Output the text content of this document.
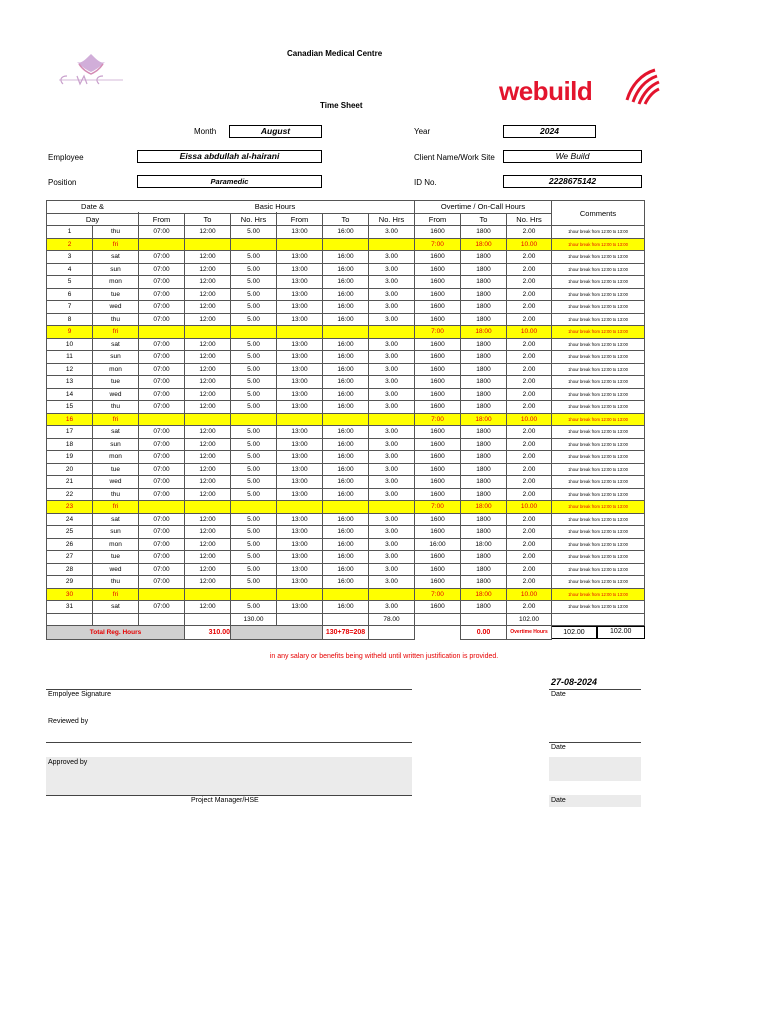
Canadian Medical Centre
webuild
Time Sheet
Month	August	Year	2024
Employee	Eissa abdullah al-hairani	Client Name/Work Site	We Build
Position	Paramedic	ID No.	2228675142
Date &								Overtime / On-Call Hours			Comments
Day		From	To	No. Hrs	From	To	No. Hrs	From	To	No. Hrs	
1	thu	07:00	12:00	5.00	13:00	16:00	3.00	1600	1800	2.00	1hour break from 12:00 to 13:00
2	fri							7:00	18:00	10.00	1hour break from 12:00 to 13:00
3	sat	07:00	12:00	5.00	13:00	16:00	3.00	1600	1800	2.00	1hour break from 12:00 to 13:00
4	sun	07:00	12:00	5.00	13:00	16:00	3.00	1600	1800	2.00	1hour break from 12:00 to 13:00
5	mon	07:00	12:00	5.00	13:00	16:00	3.00	1600	1800	2.00	1hour break from 12:00 to 13:00
6	tue	07:00	12:00	5.00	13:00	16:00	3.00	1600	1800	2.00	1hour break from 12:00 to 13:00
7	wed	07:00	12:00	5.00	13:00	16:00	3.00	1600	1800	2.00	1hour break from 12:00 to 13:00
8	thu	07:00	12:00	5.00	13:00	16:00	3.00	1600	1800	2.00	1hour break from 12:00 to 13:00
9	fri							7:00	18:00	10.00	1hour break from 12:00 to 13:00
10	sat	07:00	12:00	5.00	13:00	16:00	3.00	1600	1800	2.00	1hour break from 12:00 to 13:00
11	sun	07:00	12:00	5.00	13:00	16:00	3.00	1600	1800	2.00	1hour break from 12:00 to 13:00
12	mon	07:00	12:00	5.00	13:00	16:00	3.00	1600	1800	2.00	1hour break from 12:00 to 13:00
13	tue	07:00	12:00	5.00	13:00	16:00	3.00	1600	1800	2.00	1hour break from 12:00 to 13:00
14	wed	07:00	12:00	5.00	13:00	16:00	3.00	1600	1800	2.00	1hour break from 12:00 to 13:00
15	thu	07:00	12:00	5.00	13:00	16:00	3.00	1600	1800	2.00	1hour break from 12:00 to 13:00
16	fri							7:00	18:00	10.00	1hour break from 12:00 to 13:00
17	sat	07:00	12:00	5.00	13:00	16:00	3.00	1600	1800	2.00	1hour break from 12:00 to 13:00
18	sun	07:00	12:00	5.00	13:00	16:00	3.00	1600	1800	2.00	1hour break from 12:00 to 13:00
19	mon	07:00	12:00	5.00	13:00	16:00	3.00	1600	1800	2.00	1hour break from 12:00 to 13:00
20	tue	07:00	12:00	5.00	13:00	16:00	3.00	1600	1800	2.00	1hour break from 12:00 to 13:00
21	wed	07:00	12:00	5.00	13:00	16:00	3.00	1600	1800	2.00	1hour break from 12:00 to 13:00
22	thu	07:00	12:00	5.00	13:00	16:00	3.00	1600	1800	2.00	1hour break from 12:00 to 13:00
23	fri							7:00	18:00	10.00	1hour break from 12:00 to 13:00
24	sat	07:00	12:00	5.00	13:00	16:00	3.00	1600	1800	2.00	1hour break from 12:00 to 13:00
25	sun	07:00	12:00	5.00	13:00	16:00	3.00	1600	1800	2.00	1hour break from 12:00 to 13:00
26	mon	07:00	12:00	5.00	13:00	16:00	3.00	16:00	18:00	2.00	1hour break from 12:00 to 13:00
27	tue	07:00	12:00	5.00	13:00	16:00	3.00	1600	1800	2.00	1hour break from 12:00 to 13:00
28	wed	07:00	12:00	5.00	13:00	16:00	3.00	1600	1800	2.00	1hour break from 12:00 to 13:00
29	thu	07:00	12:00	5.00	13:00	16:00	3.00	1600	1800	2.00	1hour break from 12:00 to 13:00
30	fri							7:00	18:00	10.00	1hour break from 12:00 to 13:00
31	sat	07:00	12:00	5.00	13:00	16:00	3.00	1600	1800	2.00	1hour break from 12:00 to 13:00
				130.00			78.00			102.00	
Total Reg. Hours			310.00			130+78=208			0.00	Overtime Hours	102.00 102.00
Basic Hours
in any salary or benefits being witheld until written justification is provided.
27-08-2024
Empolyee Signature	Date
Reviewed by
Date
Approved by
Project Manager/HSE	Date
